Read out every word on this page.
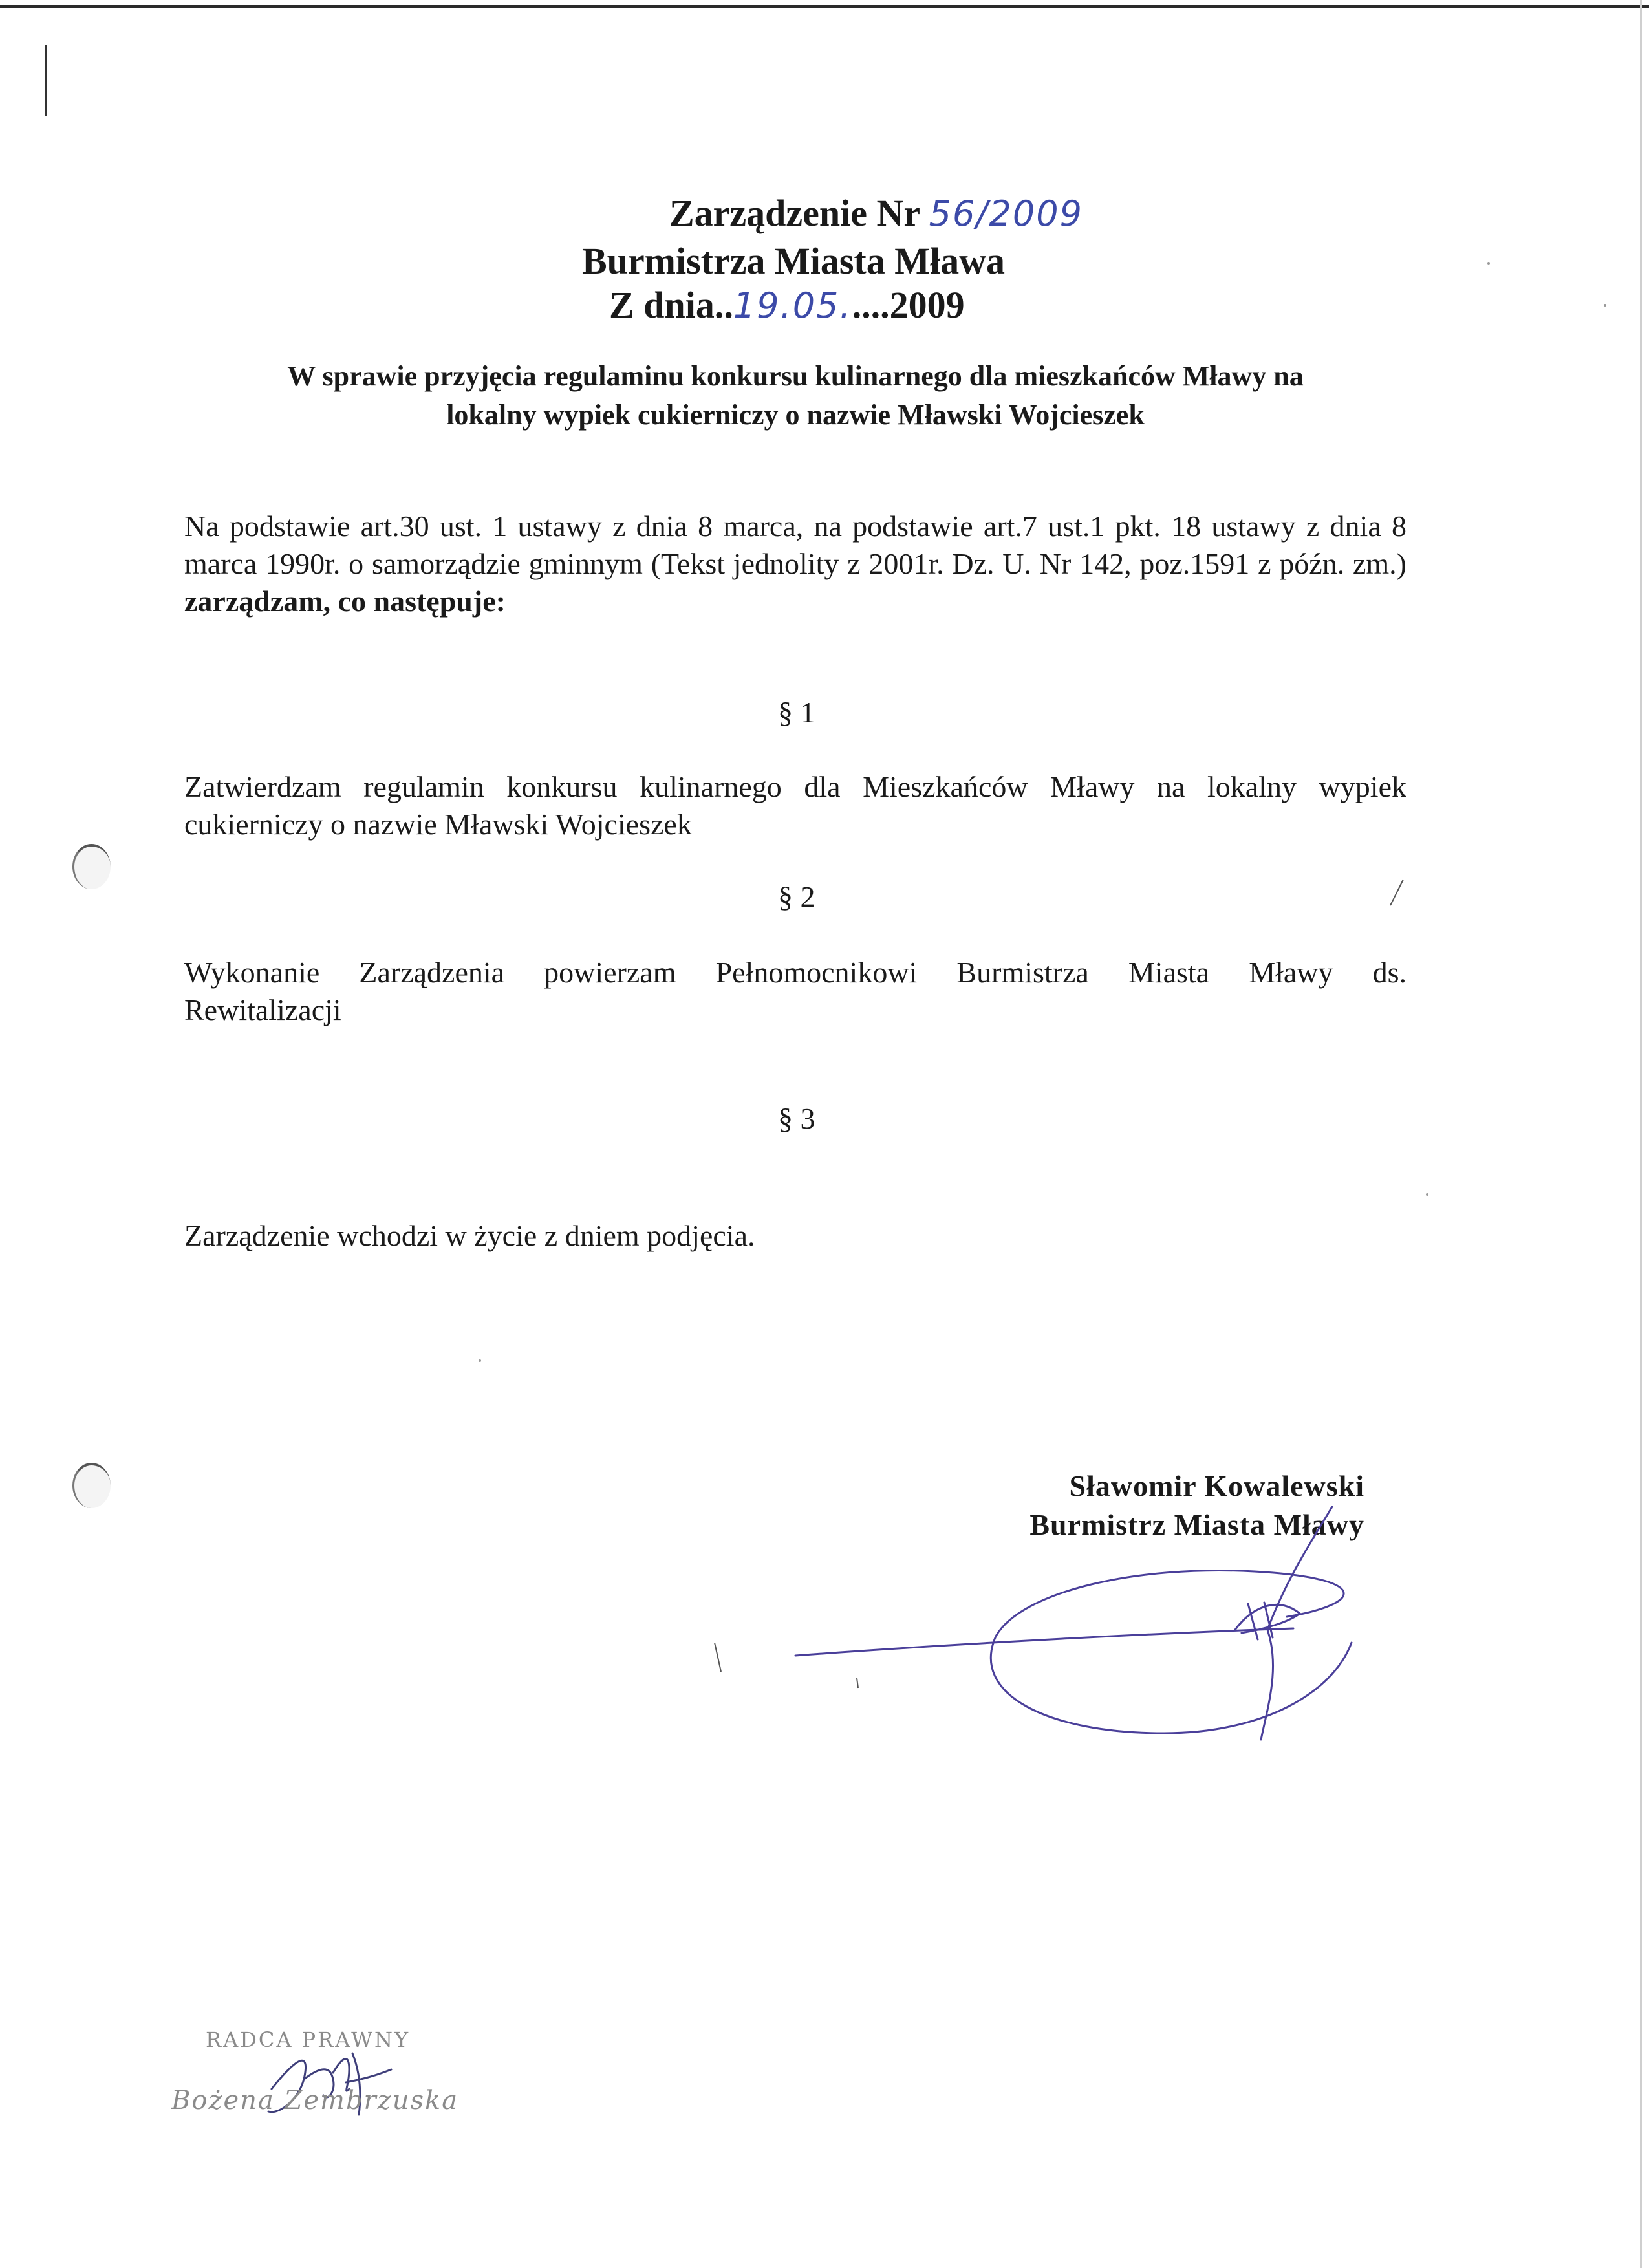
Zarządzenie Nr 56/2009
Burmistrza Miasta Mława
Z dnia..19.05.....2009
W sprawie przyjęcia regulaminu konkursu kulinarnego dla mieszkańców Mławy na
lokalny wypiek cukierniczy o nazwie Mławski Wojcieszek
Na podstawie art.30 ust. 1 ustawy z dnia 8 marca, na podstawie art.7 ust.1 pkt. 18 ustawy z dnia 8 marca 1990r. o samorządzie gminnym (Tekst jednolity z 2001r. Dz. U. Nr 142, poz.1591 z późn. zm.) zarządzam, co następuje:
§ 1
Zatwierdzam regulamin konkursu kulinarnego dla Mieszkańców Mławy na lokalny wypiek cukierniczy o nazwie Mławski Wojcieszek
§ 2
Wykonanie Zarządzenia powierzam Pełnomocnikowi Burmistrza Miasta Mławy ds. Rewitalizacji
§ 3
Zarządzenie wchodzi w życie z dniem podjęcia.
Sławomir Kowalewski
Burmistrz Miasta Mławy
RADCA PRAWNY
Bożena Zembrzuska
